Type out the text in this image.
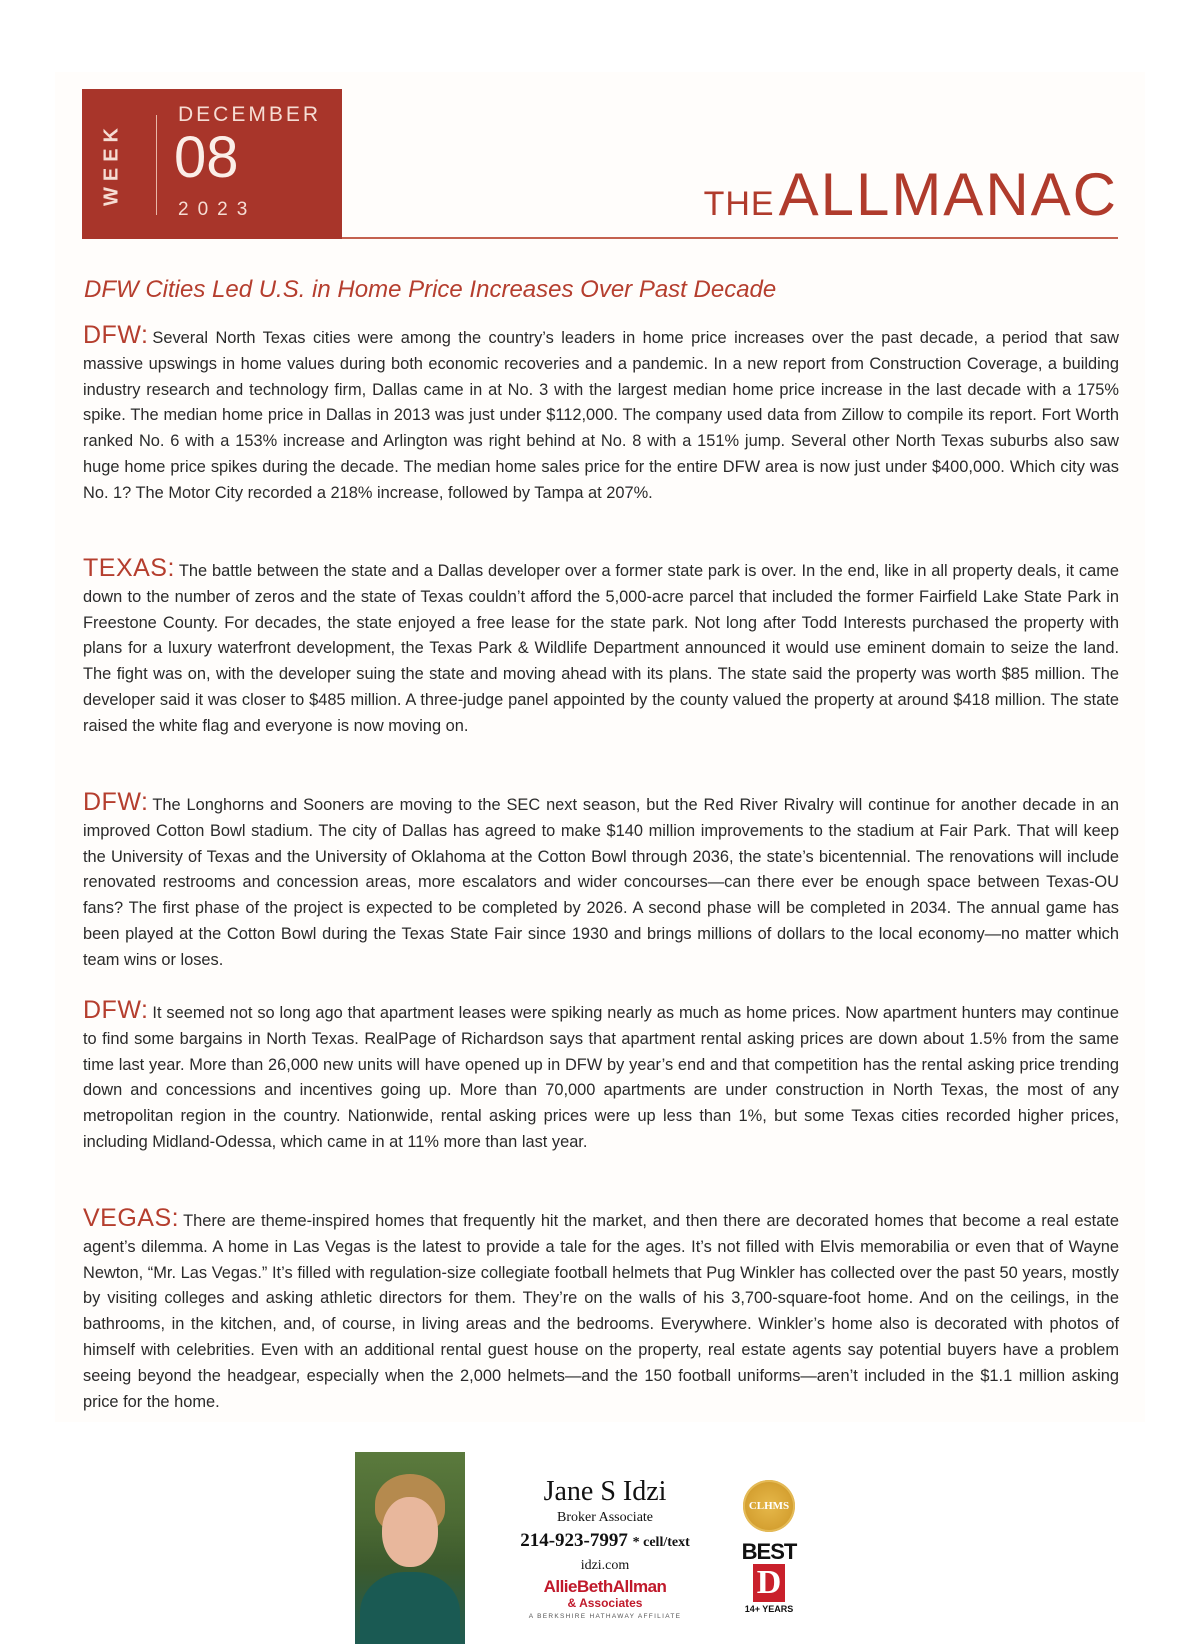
WEEK
DECEMBER
08
2023	THEALLMANAC
DFW Cities Led U.S. in Home Price Increases Over Past Decade
DFW: Several North Texas cities were among the country’s leaders in home price increases over the past decade, a period that saw massive upswings in home values during both economic recoveries and a pandemic. In a new report from Construction Coverage, a building industry research and technology firm, Dallas came in at No. 3 with the largest median home price increase in the last decade with a 175% spike. The median home price in Dallas in 2013 was just under $112,000. The company used data from Zillow to compile its report. Fort Worth ranked No. 6 with a 153% increase and Arlington was right behind at No. 8 with a 151% jump. Several other North Texas suburbs also saw huge home price spikes during the decade. The median home sales price for the entire DFW area is now just under $400,000. Which city was No. 1? The Motor City recorded a 218% increase, followed by Tampa at 207%.
TEXAS: The battle between the state and a Dallas developer over a former state park is over. In the end, like in all property deals, it came down to the number of zeros and the state of Texas couldn’t afford the 5,000-acre parcel that included the former Fairfield Lake State Park in Freestone County. For decades, the state enjoyed a free lease for the state park. Not long after Todd Interests purchased the property with plans for a luxury waterfront development, the Texas Park & Wildlife Department announced it would use eminent domain to seize the land. The fight was on, with the developer suing the state and moving ahead with its plans. The state said the property was worth $85 million. The developer said it was closer to $485 million. A three-judge panel appointed by the county valued the property at around $418 million. The state raised the white flag and everyone is now moving on.
DFW: The Longhorns and Sooners are moving to the SEC next season, but the Red River Rivalry will continue for another decade in an improved Cotton Bowl stadium. The city of Dallas has agreed to make $140 million improvements to the stadium at Fair Park. That will keep the University of Texas and the University of Oklahoma at the Cotton Bowl through 2036, the state’s bicentennial. The renovations will include renovated restrooms and concession areas, more escalators and wider concourses—can there ever be enough space between Texas-OU fans? The first phase of the project is expected to be completed by 2026. A second phase will be completed in 2034. The annual game has been played at the Cotton Bowl during the Texas State Fair since 1930 and brings millions of dollars to the local economy—no matter which team wins or loses.
DFW: It seemed not so long ago that apartment leases were spiking nearly as much as home prices. Now apartment hunters may continue to find some bargains in North Texas. RealPage of Richardson says that apartment rental asking prices are down about 1.5% from the same time last year. More than 26,000 new units will have opened up in DFW by year’s end and that competition has the rental asking price trending down and concessions and incentives going up. More than 70,000 apartments are under construction in North Texas, the most of any metropolitan region in the country. Nationwide, rental asking prices were up less than 1%, but some Texas cities recorded higher prices, including Midland-Odessa, which came in at 11% more than last year.
VEGAS: There are theme-inspired homes that frequently hit the market, and then there are decorated homes that become a real estate agent’s dilemma. A home in Las Vegas is the latest to provide a tale for the ages. It’s not filled with Elvis memorabilia or even that of Wayne Newton, “Mr. Las Vegas.” It’s filled with regulation-size collegiate football helmets that Pug Winkler has collected over the past 50 years, mostly by visiting colleges and asking athletic directors for them. They’re on the walls of his 3,700-square-foot home. And on the ceilings, in the bathrooms, in the kitchen, and, of course, in living areas and the bedrooms. Everywhere. Winkler’s home also is decorated with photos of himself with celebrities. Even with an additional rental guest house on the property, real estate agents say potential buyers have a problem seeing beyond the headgear, especially when the 2,000 helmets—and the 150 football uniforms—aren’t included in the $1.1 million asking price for the home.
Jane S Idzi
Broker Associate
214-923-7997 * cell/text
idzi.com
AllieBethAllman
& Associates
A BERKSHIRE HATHAWAY AFFILIATE
CLHMS
BEST
D
14+ YEARS
